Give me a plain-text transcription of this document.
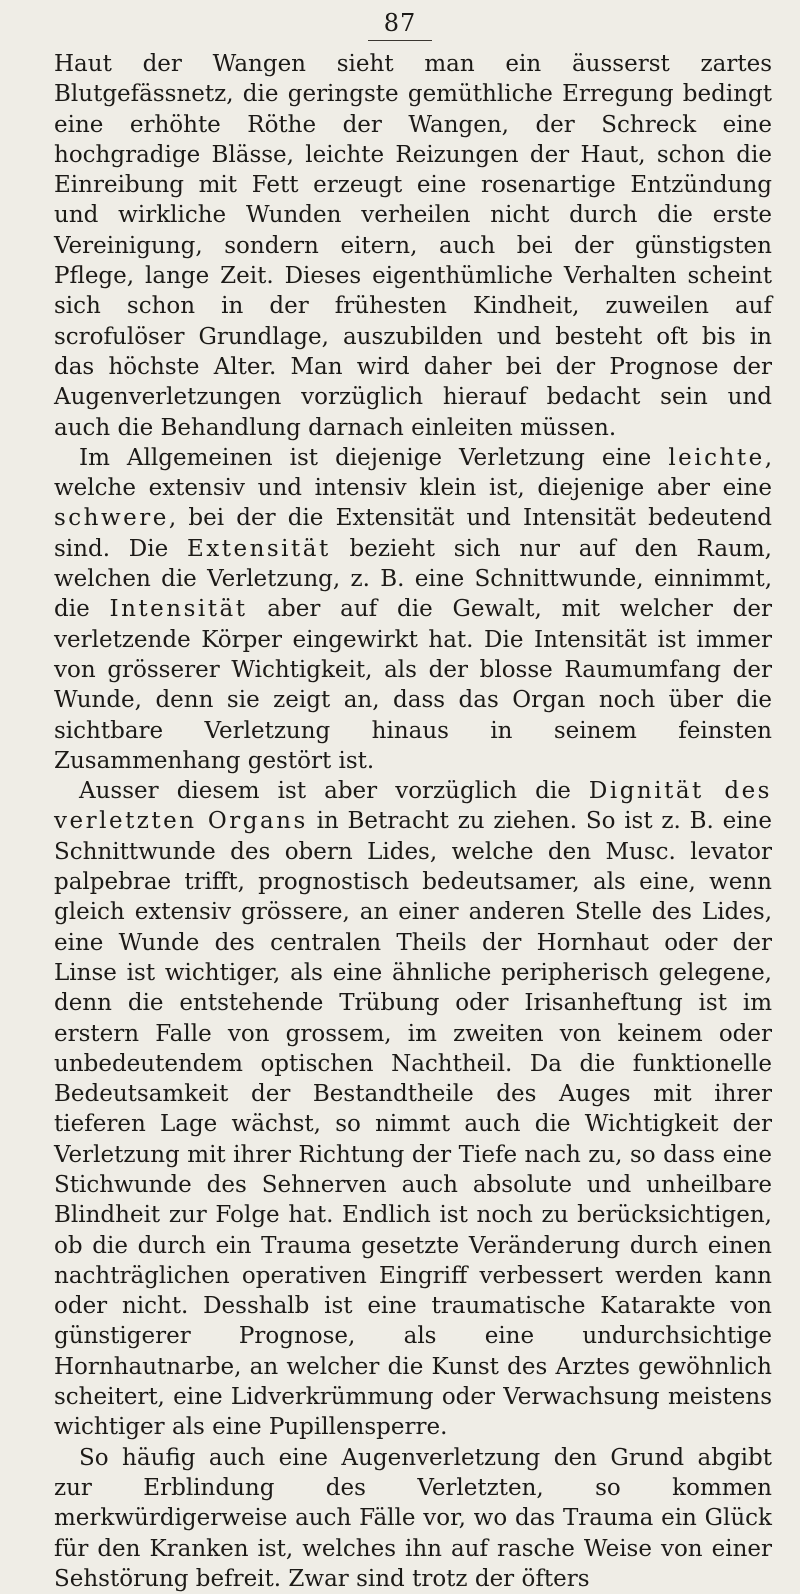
87

Haut der Wangen sieht man ein äusserst zartes Blutgefässnetz, die geringste gemüthliche Erregung bedingt eine erhöhte Röthe der Wangen, der Schreck eine hochgradige Blässe, leichte Reizungen der Haut, schon die Einreibung mit Fett erzeugt eine rosenartige Entzündung und wirkliche Wunden verheilen nicht durch die erste Vereinigung, sondern eitern, auch bei der günstigsten Pflege, lange Zeit. Dieses eigenthümliche Verhalten scheint sich schon in der frühesten Kindheit, zuweilen auf scrofulöser Grundlage, auszubilden und besteht oft bis in das höchste Alter. Man wird daher bei der Prognose der Augenverletzungen vorzüglich hierauf bedacht sein und auch die Behandlung darnach einleiten müssen.

Im Allgemeinen ist diejenige Verletzung eine leichte, welche extensiv und intensiv klein ist, diejenige aber eine schwere, bei der die Extensität und Intensität bedeutend sind. Die Extensität bezieht sich nur auf den Raum, welchen die Verletzung, z. B. eine Schnittwunde, einnimmt, die Intensität aber auf die Gewalt, mit welcher der verletzende Körper eingewirkt hat. Die Intensität ist immer von grösserer Wichtigkeit, als der blosse Raumumfang der Wunde, denn sie zeigt an, dass das Organ noch über die sichtbare Verletzung hinaus in seinem feinsten Zusammenhang gestört ist.

Ausser diesem ist aber vorzüglich die Dignität des verletzten Organs in Betracht zu ziehen. So ist z. B. eine Schnittwunde des obern Lides, welche den Musc. levator palpebrae trifft, prognostisch bedeutsamer, als eine, wenn gleich extensiv grössere, an einer anderen Stelle des Lides, eine Wunde des centralen Theils der Hornhaut oder der Linse ist wichtiger, als eine ähnliche peripherisch gelegene, denn die entstehende Trübung oder Irisanheftung ist im erstern Falle von grossem, im zweiten von keinem oder unbedeutendem optischen Nachtheil. Da die funktionelle Bedeutsamkeit der Bestandtheile des Auges mit ihrer tieferen Lage wächst, so nimmt auch die Wichtigkeit der Verletzung mit ihrer Richtung der Tiefe nach zu, so dass eine Stichwunde des Sehnerven auch absolute und unheilbare Blindheit zur Folge hat. Endlich ist noch zu berücksichtigen, ob die durch ein Trauma gesetzte Veränderung durch einen nachträglichen operativen Eingriff verbessert werden kann oder nicht. Desshalb ist eine traumatische Katarakte von günstigerer Prognose, als eine undurchsichtige Hornhautnarbe, an welcher die Kunst des Arztes gewöhnlich scheitert, eine Lidverkrümmung oder Verwachsung meistens wichtiger als eine Pupillensperre.

So häufig auch eine Augenverletzung den Grund abgibt zur Erblindung des Verletzten, so kommen merkwürdigerweise auch Fälle vor, wo das Trauma ein Glück für den Kranken ist, welches ihn auf rasche Weise von einer Sehstörung befreit. Zwar sind trotz der öfters
